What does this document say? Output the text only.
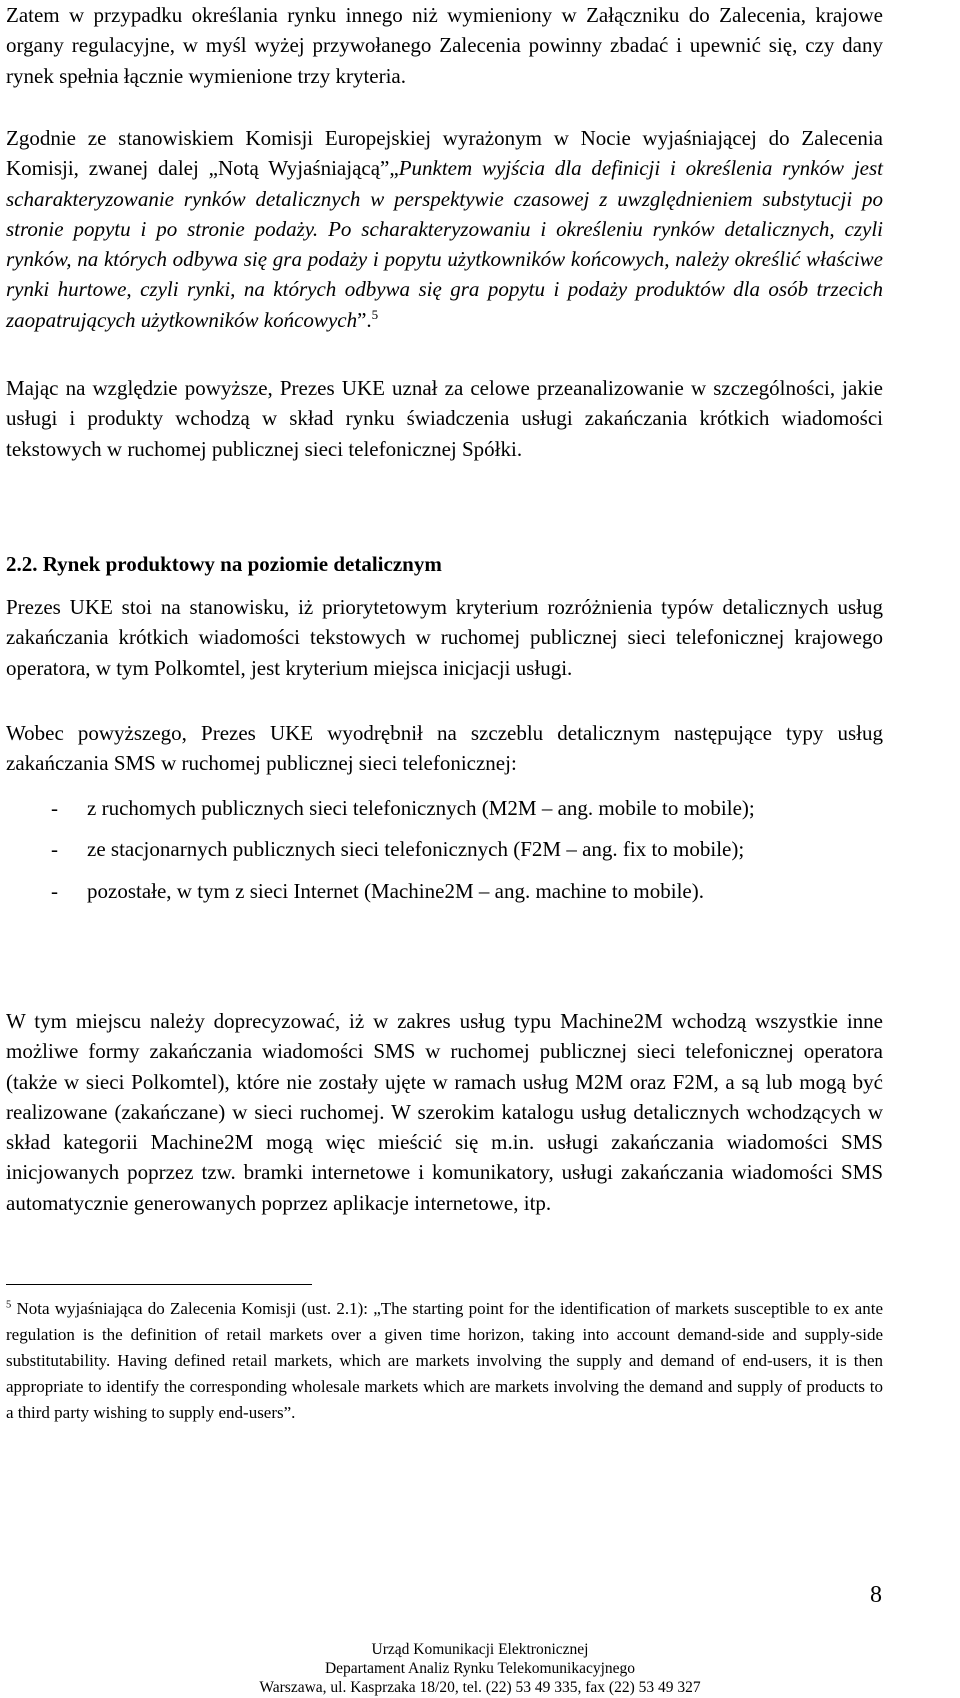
Zatem w przypadku określania rynku innego niż wymieniony w Załączniku do Zalecenia, krajowe organy regulacyjne, w myśl wyżej przywołanego Zalecenia powinny zbadać i upewnić się, czy dany rynek spełnia łącznie wymienione trzy kryteria.

Zgodnie ze stanowiskiem Komisji Europejskiej wyrażonym w Nocie wyjaśniającej do Zalecenia Komisji, zwanej dalej „Notą Wyjaśniającą”„Punktem wyjścia dla definicji i określenia rynków jest scharakteryzowanie rynków detalicznych w perspektywie czasowej z uwzględnieniem substytucji po stronie popytu i po stronie podaży. Po scharakteryzowaniu i określeniu rynków detalicznych, czyli rynków, na których odbywa się gra podaży i popytu użytkowników końcowych, należy określić właściwe rynki hurtowe, czyli rynki, na których odbywa się gra popytu i podaży produktów dla osób trzecich zaopatrujących użytkowników końcowych”.$^5$

Mając na względzie powyższe, Prezes UKE uznał za celowe przeanalizowanie w szczególności, jakie usługi i produkty wchodzą w skład rynku świadczenia usługi zakańczania krótkich wiadomości tekstowych w ruchomej publicznej sieci telefonicznej Spółki.

2.2. Rynek produktowy na poziomie detalicznym

Prezes UKE stoi na stanowisku, iż priorytetowym kryterium rozróżnienia typów detalicznych usług zakańczania krótkich wiadomości tekstowych w ruchomej publicznej sieci telefonicznej krajowego operatora, w tym Polkomtel, jest kryterium miejsca inicjacji usługi.

Wobec powyższego, Prezes UKE wyodrębnił na szczeblu detalicznym następujące typy usług zakańczania SMS w ruchomej publicznej sieci telefonicznej:

- z ruchomych publicznych sieci telefonicznych (M2M – ang. mobile to mobile);
- ze stacjonarnych publicznych sieci telefonicznych (F2M – ang. fix to mobile);
- pozostałe, w tym z sieci Internet (Machine2M – ang. machine to mobile).

W tym miejscu należy doprecyzować, iż w zakres usług typu Machine2M wchodzą wszystkie inne możliwe formy zakańczania wiadomości SMS w ruchomej publicznej sieci telefonicznej operatora (także w sieci Polkomtel), które nie zostały ujęte w ramach usług M2M oraz F2M, a są lub mogą być realizowane (zakańczane) w sieci ruchomej. W szerokim katalogu usług detalicznych wchodzących w skład kategorii Machine2M mogą więc mieścić się m.in. usługi zakańczania wiadomości SMS inicjowanych poprzez tzw. bramki internetowe i komunikatory, usługi zakańczania wiadomości SMS automatycznie generowanych poprzez aplikacje internetowe, itp.

$^5$ Nota wyjaśniająca do Zalecenia Komisji (ust. 2.1): „The starting point for the identification of markets susceptible to ex ante regulation is the definition of retail markets over a given time horizon, taking into account demand-side and supply-side substitutability. Having defined retail markets, which are markets involving the supply and demand of end-users, it is then appropriate to identify the corresponding wholesale markets which are markets involving the demand and supply of products to a third party wishing to supply end-users”.
8
Urząd Komunikacji Elektronicznej
Departament Analiz Rynku Telekomunikacyjnego
Warszawa, ul. Kasprzaka 18/20, tel. (22) 53 49 335, fax (22) 53 49 327
